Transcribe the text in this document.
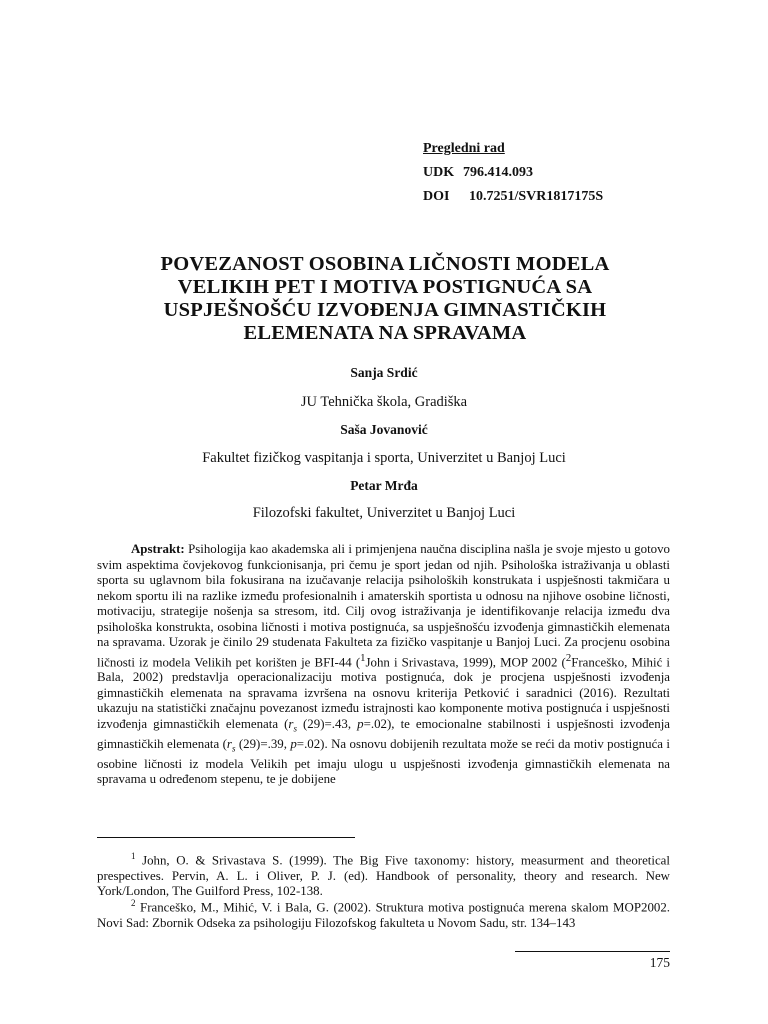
Pregledni rad
UDK 796.414.093
DOI 10.7251/SVR1817175S
POVEZANOST OSOBINA LIČNOSTI MODELA
VELIKIH PET I MOTIVA POSTIGNUĆA SA
USPJEŠNOŠĆU IZVOĐENJA GIMNASTIČKIH
ELEMENATA NA SPRAVAMA
Sanja Srdić
JU Tehnička škola, Gradiška
Saša Jovanović
Fakultet fizičkog vaspitanja i sporta, Univerzitet u Banjoj Luci
Petar Mrđa
Filozofski fakultet, Univerzitet u Banjoj Luci
Apstrakt: Psihologija kao akademska ali i primjenjena naučna disciplina našla je svoje mjesto u gotovo svim aspektima čovjekovog funkcionisanja, pri čemu je sport jedan od njih. Psihološka istraživanja u oblasti sporta su uglavnom bila fokusirana na izučavanje relacija psiholoških konstrukata i uspješnosti takmičara u nekom sportu ili na razlike između profesionalnih i amaterskih sportista u odnosu na njihove osobine ličnosti, motivaciju, strategije nošenja sa stresom, itd. Cilj ovog istraživanja je identifikovanje relacija između dva psihološka konstrukta, osobina ličnosti i motiva postignuća, sa uspješnošću izvođenja gimnastičkih elemenata na spravama. Uzorak je činilo 29 studenata Fakulteta za fizičko vaspitanje u Banjoj Luci. Za procjenu osobina ličnosti iz modela Velikih pet korišten je BFI-44 ($^1$John i Srivastava, 1999), MOP 2002 ($^2$Franceško, Mihić i Bala, 2002) predstavlja operacionalizaciju motiva postignuća, dok je procjena uspješnosti izvođenja gimnastičkih elemenata na spravama izvršena na osnovu kriterija Petković i saradnici (2016). Rezultati ukazuju na statistički značajnu povezanost između istrajnosti kao komponente motiva postignuća i uspješnosti izvođenja gimnastičkih elemenata ($r_s$ (29)=.43, p=.02), te emocionalne stabilnosti i uspješnosti izvođenja gimnastičkih elemenata ($r_s$ (29)=.39, p=.02). Na osnovu dobijenih rezultata može se reći da motiv postignuća i osobine ličnosti iz modela Velikih pet imaju ulogu u uspješnosti izvođenja gimnastičkih elemenata na spravama u određenom stepenu, te je dobijene
$^1$ John, O. & Srivastava S. (1999). The Big Five taxonomy: history, measurment and theoretical prespectives. Pervin, A. L. i Oliver, P. J. (ed). Handbook of personality, theory and research. New York/London, The Guilford Press, 102-138.
$^2$ Franceško, M., Mihić, V. i Bala, G. (2002). Struktura motiva postignuća merena skalom MOP2002. Novi Sad: Zbornik Odseka za psihologiju Filozofskog fakulteta u Novom Sadu, str. 134–143
175
